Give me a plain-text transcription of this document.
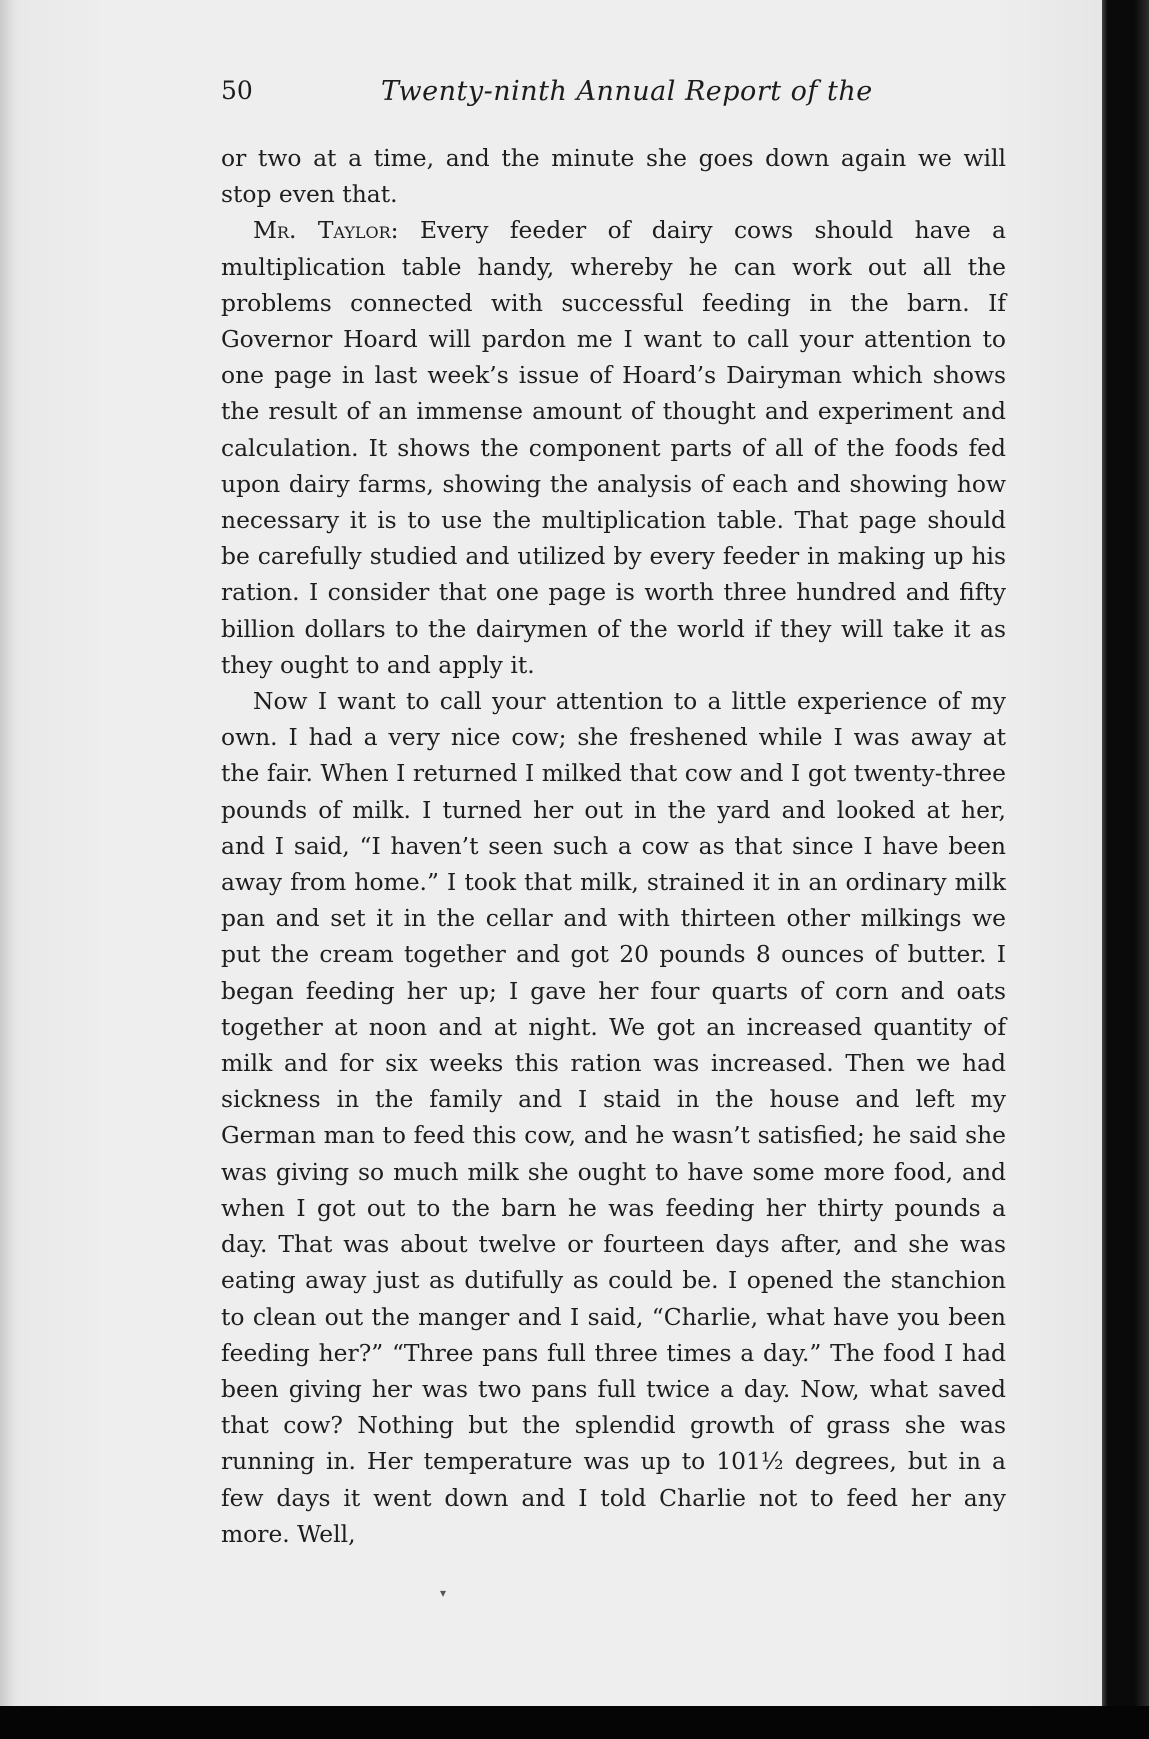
50	Twenty-ninth Annual Report of the

or two at a time, and the minute she goes down again we will stop even that.

Mr. Taylor: Every feeder of dairy cows should have a multiplication table handy, whereby he can work out all the problems connected with successful feeding in the barn. If Governor Hoard will pardon me I want to call your attention to one page in last week’s issue of Hoard’s Dairyman which shows the result of an immense amount of thought and experiment and calculation. It shows the component parts of all of the foods fed upon dairy farms, showing the analysis of each and showing how necessary it is to use the multiplication table. That page should be carefully studied and utilized by every feeder in making up his ration. I consider that one page is worth three hundred and fifty billion dollars to the dairymen of the world if they will take it as they ought to and apply it.

Now I want to call your attention to a little experience of my own. I had a very nice cow; she freshened while I was away at the fair. When I returned I milked that cow and I got twenty-three pounds of milk. I turned her out in the yard and looked at her, and I said, “I haven’t seen such a cow as that since I have been away from home.” I took that milk, strained it in an ordinary milk pan and set it in the cellar and with thirteen other milkings we put the cream together and got 20 pounds 8 ounces of butter. I began feeding her up; I gave her four quarts of corn and oats together at noon and at night. We got an increased quantity of milk and for six weeks this ration was increased. Then we had sickness in the family and I staid in the house and left my German man to feed this cow, and he wasn’t satisfied; he said she was giving so much milk she ought to have some more food, and when I got out to the barn he was feeding her thirty pounds a day. That was about twelve or fourteen days after, and she was eating away just as dutifully as could be. I opened the stanchion to clean out the manger and I said, “Charlie, what have you been feeding her?” “Three pans full three times a day.” The food I had been giving her was two pans full twice a day. Now, what saved that cow? Nothing but the splendid growth of grass she was running in. Her temperature was up to 101½ degrees, but in a few days it went down and I told Charlie not to feed her any more. Well,

▾
